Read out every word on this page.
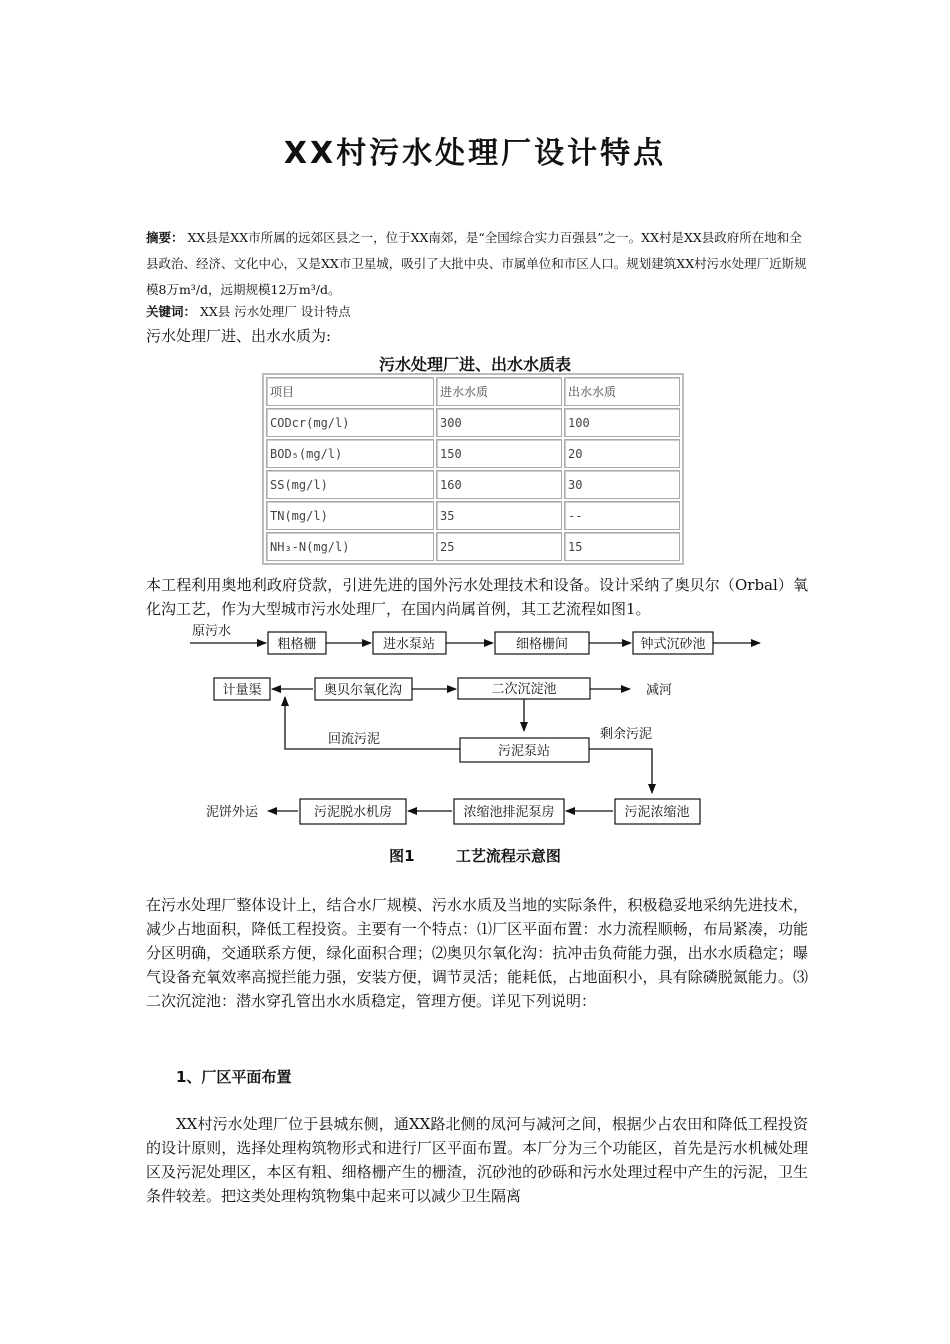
XX村污水处理厂设计特点
摘要： XX县是XX市所属的远郊区县之一，位于XX南郊，是“全国综合实力百强县”之一。XX村是XX县政府所在地和全县政治、经济、文化中心，又是XX市卫星城，吸引了大批中央、市属单位和市区人口。规划建筑XX村污水处理厂近斯规模8万m³/d，远期规模12万m³/d。
关键词： XX县 污水处理厂 设计特点
污水处理厂进、出水水质为:
污水处理厂进、出水水质表
项目	进水水质	出水水质
CODcr(mg/l)	300	100
BOD₅(mg/l)	150	20
SS(mg/l)	160	30
TN(mg/l)	35	--
NH₃-N(mg/l)	25	15
本工程利用奥地利政府贷款，引进先进的国外污水处理技术和设备。设计采纳了奥贝尔（Orbal）氧化沟工艺，作为大型城市污水处理厂，在国内尚属首例，其工艺流程如图1。
原污水
粗格栅	进水泵站	细格栅间	钟式沉砂池
计量渠	奥贝尔氧化沟	二次沉淀池	减河
回流污泥
污泥泵站
剩余污泥
污泥浓缩池
浓缩池排泥泵房
污泥脱水机房
泥饼外运
图1	工艺流程示意图
在污水处理厂整体设计上，结合水厂规模、污水水质及当地的实际条件，积极稳妥地采纳先进技术，减少占地面积，降低工程投资。主要有一个特点：⑴厂区平面布置：水力流程顺畅，布局紧凑，功能分区明确，交通联系方便，绿化面积合理；⑵奥贝尔氧化沟：抗冲击负荷能力强，出水水质稳定；曝气设备充氧效率高搅拦能力强，安装方便，调节灵活；能耗低，占地面积小，具有除磷脱氮能力。⑶二次沉淀池：潜水穿孔管出水水质稳定，管理方便。详见下列说明：
1、厂区平面布置
XX村污水处理厂位于县城东侧，通XX路北侧的凤河与减河之间，根据少占农田和降低工程投资的设计原则，选择处理构筑物形式和进行厂区平面布置。本厂分为三个功能区，首先是污水机械处理区及污泥处理区，本区有粗、细格栅产生的栅渣，沉砂池的砂砾和污水处理过程中产生的污泥，卫生条件较差。把这类处理构筑物集中起来可以减少卫生隔离
